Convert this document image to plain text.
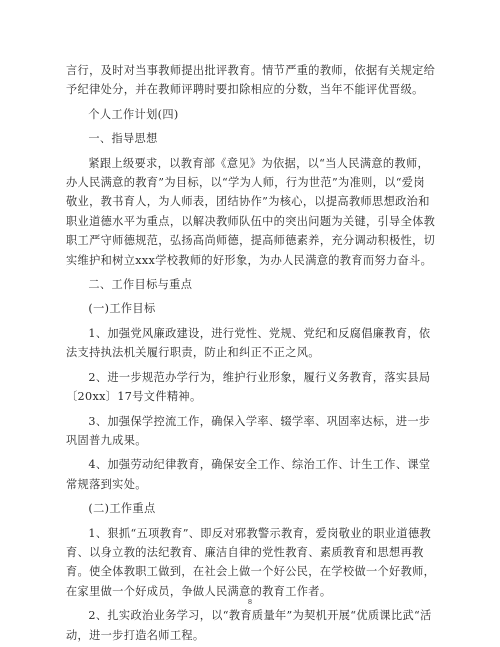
言行，及时对当事教师提出批评教育。情节严重的教师，依据有关规定给予纪律处分，并在教师评聘时要扣除相应的分数，当年不能评优晋级。

个人工作计划(四)

一、指导思想

紧跟上级要求，以教育部《意见》为依据，以“当人民满意的教师，办人民满意的教育”为目标，以“学为人师，行为世范”为准则，以“爱岗敬业，教书育人，为人师表，团结协作”为核心，以提高教师思想政治和职业道德水平为重点，以解决教师队伍中的突出问题为关键，引导全体教职工严守师德规范，弘扬高尚师德，提高师德素养，充分调动积极性，切实维护和树立xxx学校教师的好形象，为办人民满意的教育而努力奋斗。

二、工作目标与重点

(一)工作目标

1、加强党风廉政建设，进行党性、党规、党纪和反腐倡廉教育，依法支持执法机关履行职责，防止和纠正不正之风。

2、进一步规范办学行为，维护行业形象，履行义务教育，落实县局〔20xx〕17号文件精神。

3、加强保学控流工作，确保入学率、辍学率、巩固率达标，进一步巩固普九成果。

4、加强劳动纪律教育，确保安全工作、综治工作、计生工作、课堂常规落到实处。

(二)工作重点

1、狠抓“五项教育”、即反对邪教警示教育，爱岗敬业的职业道德教育、以身立教的法纪教育、廉洁自律的党性教育、素质教育和思想再教育。使全体教职工做到，在社会上做一个好公民，在学校做一个好教师，在家里做一个好成员，争做人民满意的教育工作者。

2、扎实政治业务学习，以“教育质量年”为契机开展“优质课比武“活动，进一步打造名师工程。

8
